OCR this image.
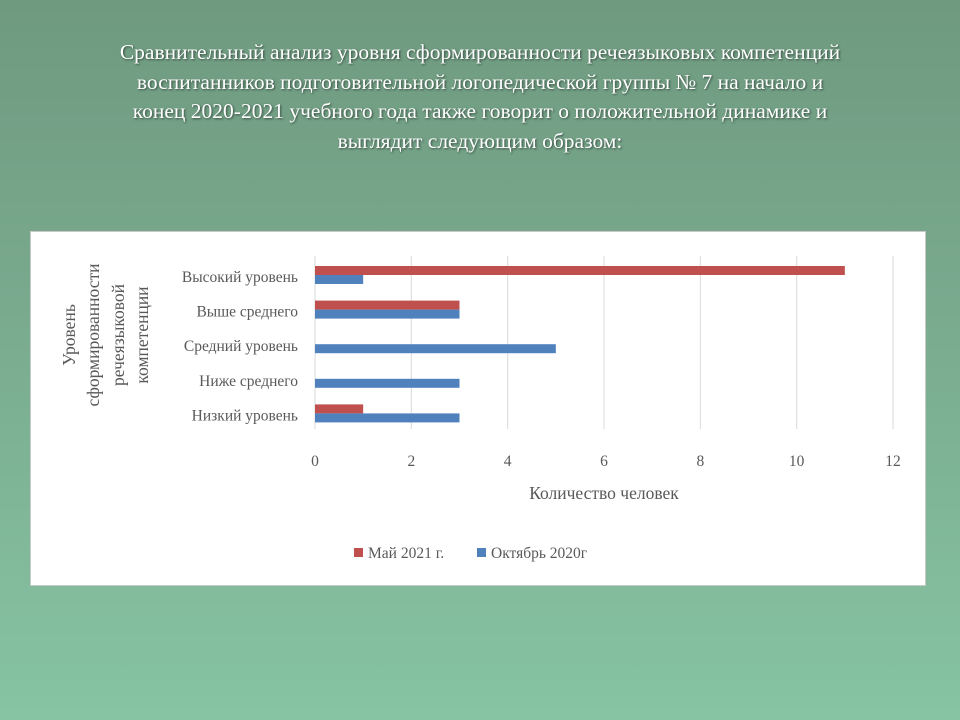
Сравнительный анализ уровня сформированности речеязыковых компетенций воспитанников подготовительной логопедической группы № 7 на начало и конец 2020-2021 учебного года также говорит о положительной динамике и выглядит следующим образом:
Высокий уровень
Выше среднего
Средний уровень
Ниже среднего
Низкий уровень
0	2	4	6	8	10	12
Количество человек
Уровень сформированности речеязыковой компетенции
Май 2021 г.	Октябрь 2020г
